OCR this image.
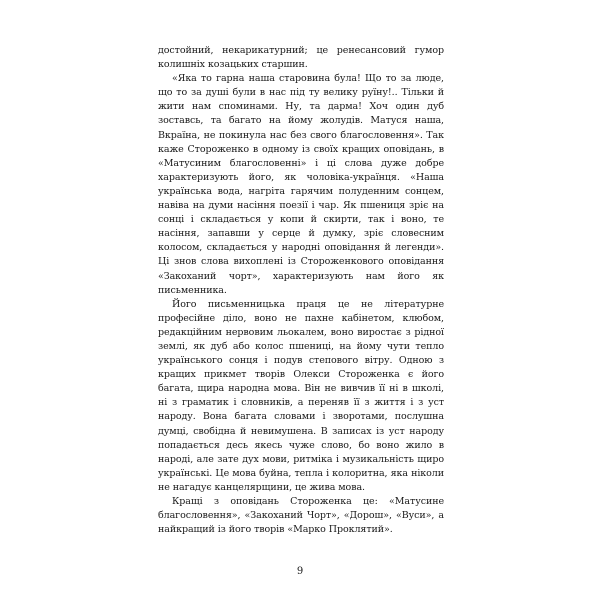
достойний, некарикатурний; це ренесансовий гумор колишніх козацьких старшин.

«Яка то гарна наша старовина була! Що то за люде, що то за душі були в нас під ту велику руїну!.. Тільки й жити нам споминами. Ну, та дарма! Хоч один дуб зоставсь, та багато на йому жолудів. Матуся наша, Вкраїна, не покинула нас без свого благословення». Так каже Стороженко в одному із своїх кращих оповідань, в «Матусиним благословенні» і ці слова дуже добре характеризують його, як чоловіка-українця. «Наша українська вода, нагріта гарячим полуденним сонцем, навіва на думи насіння поезії і чар. Як пшениця зріє на сонці і складається у копи й скирти, так і воно, те насіння, запавши у серце й думку, зріє словесним колосом, складається у народні оповідання й легенди». Ці знов слова вихоплені із Стороженкового оповідання «Закоханий чорт», характеризують нам його як письменника.

Його письменницька праця це не літературне професійне діло, воно не пахне кабінетом, клюбом, редакційним нервовим льокалем, воно виростає з рідної землі, як дуб або колос пшениці, на йому чути тепло українського сонця і подув степового вітру. Одною з кращих прикмет творів Олекси Стороженка є його багата, щира народна мова. Він не вивчив її ні в школі, ні з граматик і словників, а переняв її з життя і з уст народу. Вона багата словами і зворотами, послушна думці, свобідна й невимушена. В записах із уст народу попадається десь якесь чуже слово, бо воно жило в народі, але зате дух мови, ритміка і музикальність щиро українські. Це мова буйна, тепла і колоритна, яка ніколи не нагадує канцелярщини, це жива мова.

Кращі з оповідань Стороженка це: «Матусине благословення», «Закоханий Чорт», «Дорош», «Вуси», а найкращий із його творів «Марко Проклятий».

9
